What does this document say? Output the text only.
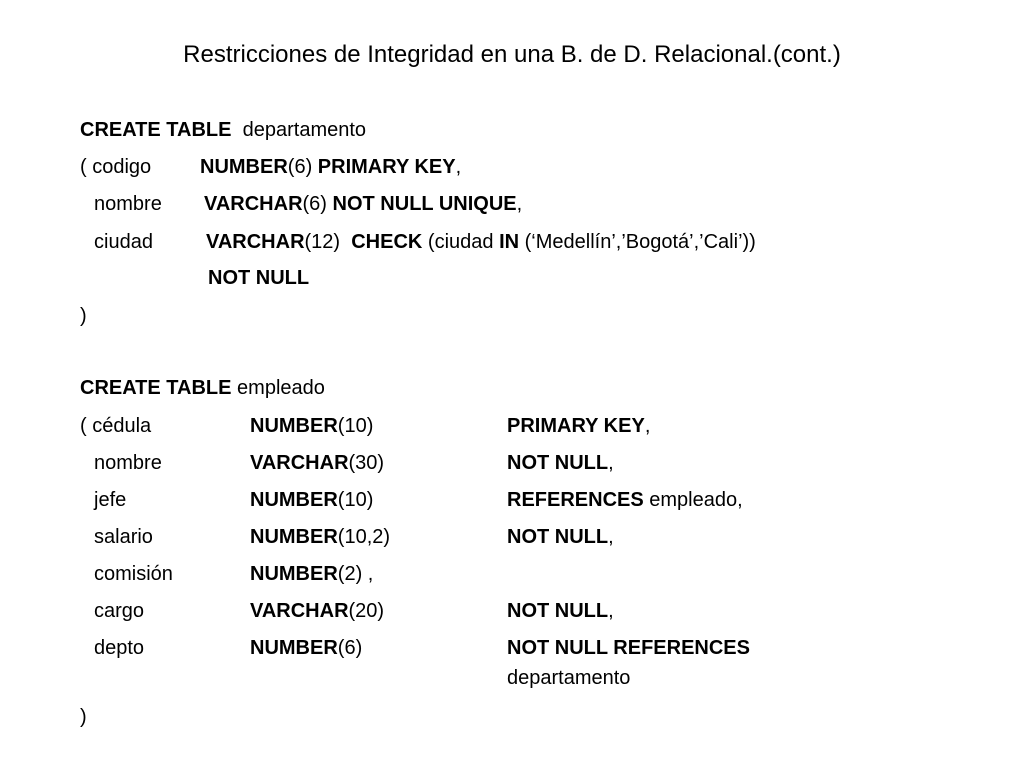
Restricciones de Integridad en una B. de D. Relacional.(cont.)
CREATE TABLE departamento
( codigo NUMBER(6) PRIMARY KEY,
nombre VARCHAR(6) NOT NULL UNIQUE,
ciudad	VARCHAR(12) CHECK (ciudad IN (‘Medellín’,’Bogotá’,’Cali’))
NOT NULL
)
CREATE TABLE empleado
( cédula	NUMBER(10)	PRIMARY KEY,
nombre	VARCHAR(30)	NOT NULL,
jefe	NUMBER(10)	REFERENCES empleado,
salario	NUMBER(10,2)	NOT NULL,
comisión	NUMBER(2) ,
cargo	VARCHAR(20)	NOT NULL,
depto	NUMBER(6)	NOT NULL REFERENCES
departamento
)
